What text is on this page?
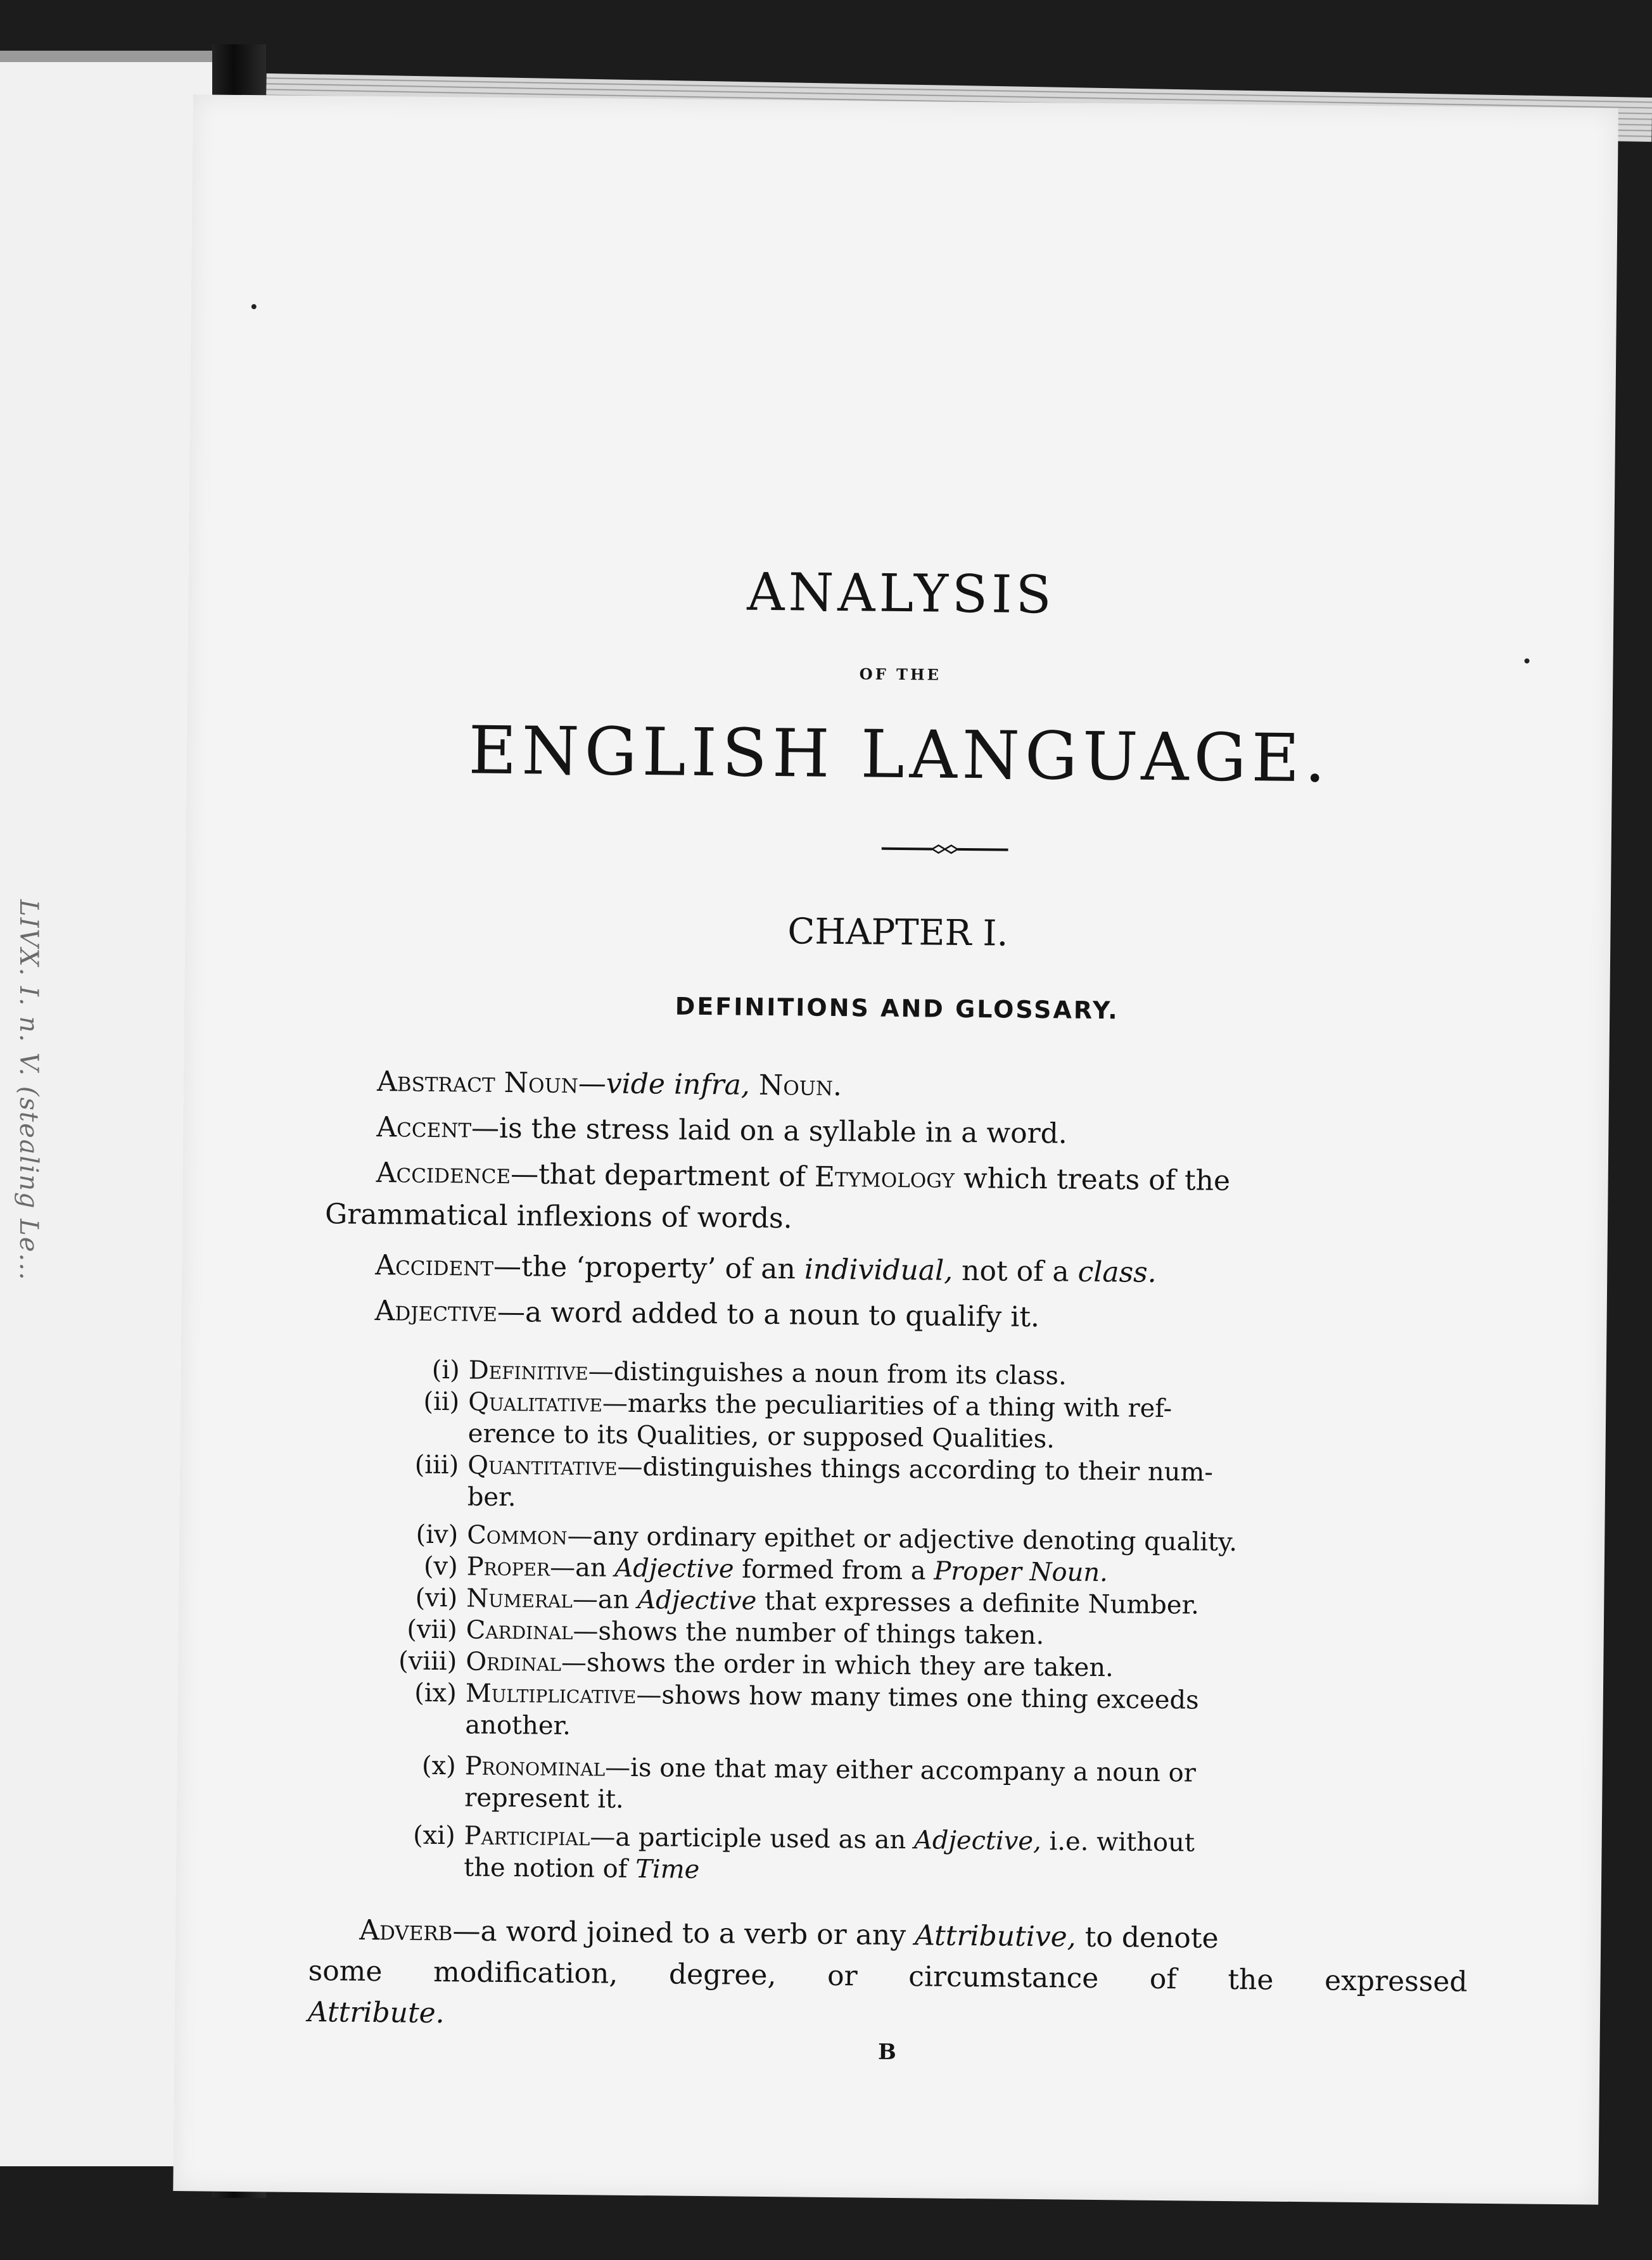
LIVX. I. n. V. (stealing Le...
ANALYSIS
OF THE
ENGLISH LANGUAGE.
CHAPTER I.
DEFINITIONS AND GLOSSARY.
Abstract Noun—vide infra, Noun.
Accent—is the stress laid on a syllable in a word.
Accidence—that department of Etymology which treats of the
Grammatical inflexions of words.
Accident—the ‘property’ of an individual, not of a class.
Adjective—a word added to a noun to qualify it.
(i) Definitive—distinguishes a noun from its class.
(ii) Qualitative—marks the peculiarities of a thing with ref-
erence to its Qualities, or supposed Qualities.
(iii) Quantitative—distinguishes things according to their num-
ber.
(iv) Common—any ordinary epithet or adjective denoting quality.
(v) Proper—an Adjective formed from a Proper Noun.
(vi) Numeral—an Adjective that expresses a definite Number.
(vii) Cardinal—shows the number of things taken.
(viii) Ordinal—shows the order in which they are taken.
(ix) Multiplicative—shows how many times one thing exceeds
another.
(x) Pronominal—is one that may either accompany a noun or
represent it.
(xi) Participial—a participle used as an Adjective, i.e. without
the notion of Time
Adverb—a word joined to a verb or any Attributive, to denote
some modification, degree, or circumstance of the expressed
Attribute.
B
